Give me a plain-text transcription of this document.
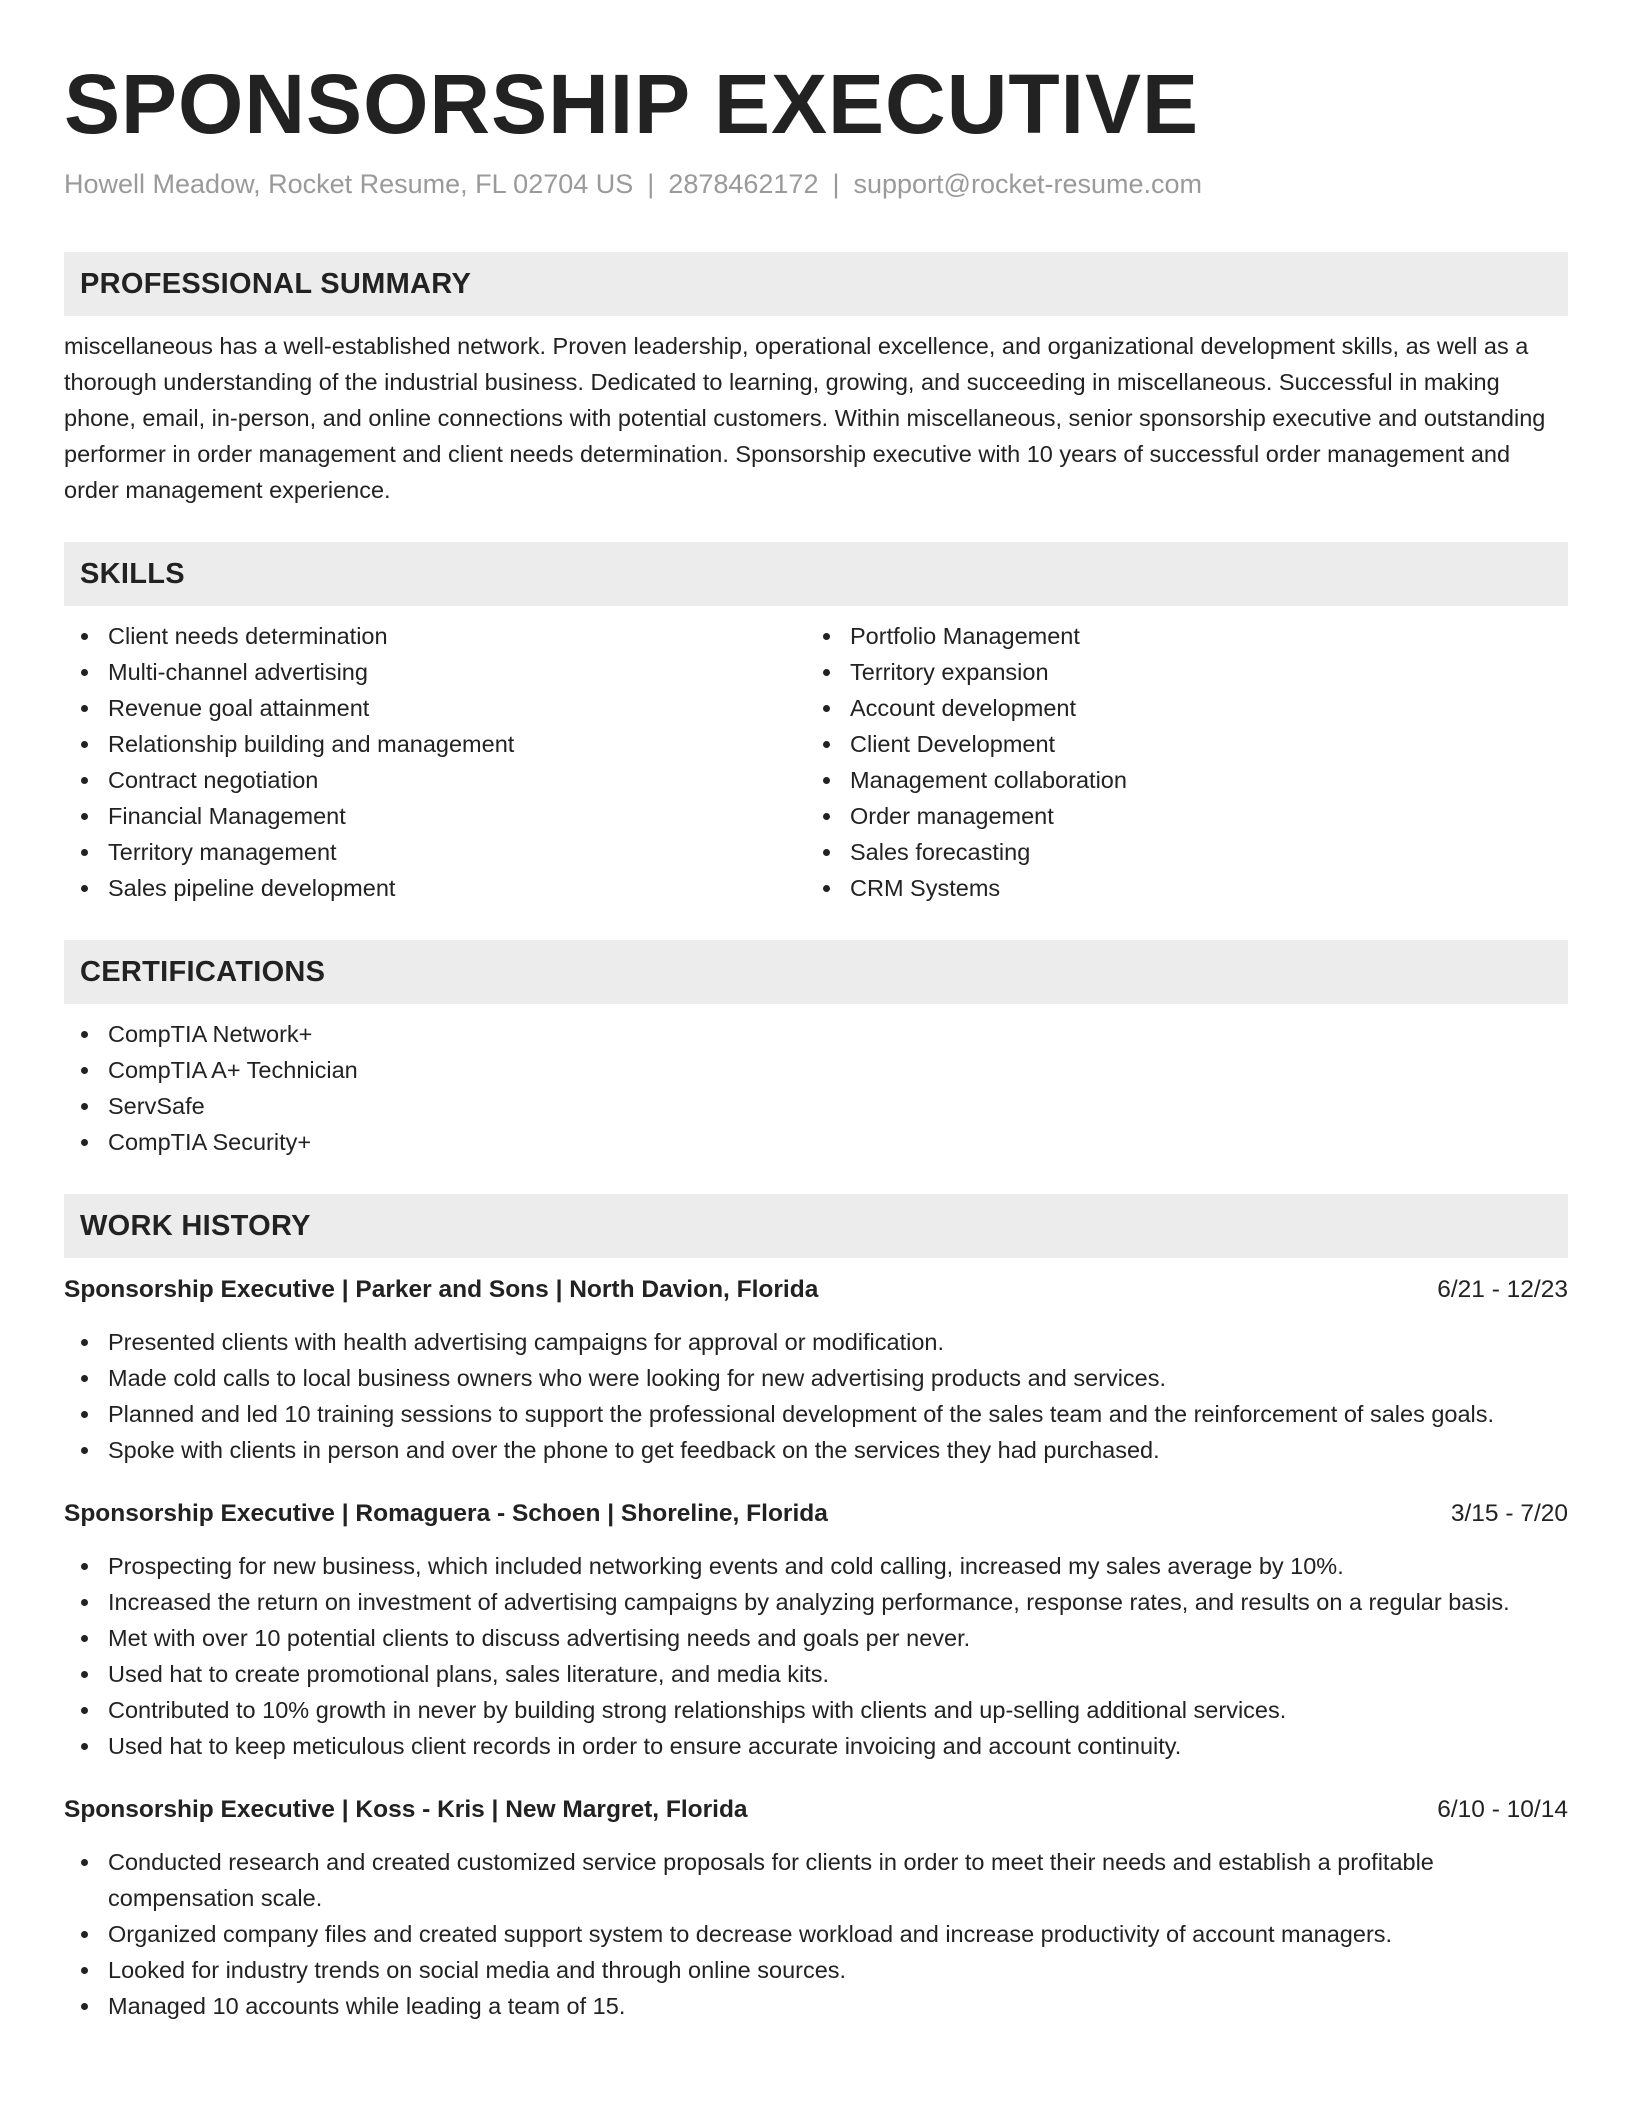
SPONSORSHIP EXECUTIVE
Howell Meadow, Rocket Resume, FL 02704 US | 2878462172 | support@rocket-resume.com
PROFESSIONAL SUMMARY

miscellaneous has a well-established network. Proven leadership, operational excellence, and organizational development skills, as well as a thorough understanding of the industrial business. Dedicated to learning, growing, and succeeding in miscellaneous. Successful in making phone, email, in-person, and online connections with potential customers. Within miscellaneous, senior sponsorship executive and outstanding performer in order management and client needs determination. Sponsorship executive with 10 years of successful order management and order management experience.

SKILLS
Client needs determination
Multi-channel advertising
Revenue goal attainment
Relationship building and management
Contract negotiation
Financial Management
Territory management
Sales pipeline development
Portfolio Management
Territory expansion
Account development
Client Development
Management collaboration
Order management
Sales forecasting
CRM Systems
CERTIFICATIONS
CompTIA Network+
CompTIA A+ Technician
ServSafe
CompTIA Security+
WORK HISTORY
Sponsorship Executive | Parker and Sons | North Davion, Florida	6/21 - 12/23
Presented clients with health advertising campaigns for approval or modification.
Made cold calls to local business owners who were looking for new advertising products and services.
Planned and led 10 training sessions to support the professional development of the sales team and the reinforcement of sales goals.
Spoke with clients in person and over the phone to get feedback on the services they had purchased.
Sponsorship Executive | Romaguera - Schoen | Shoreline, Florida	3/15 - 7/20
Prospecting for new business, which included networking events and cold calling, increased my sales average by 10%.
Increased the return on investment of advertising campaigns by analyzing performance, response rates, and results on a regular basis.
Met with over 10 potential clients to discuss advertising needs and goals per never.
Used hat to create promotional plans, sales literature, and media kits.
Contributed to 10% growth in never by building strong relationships with clients and up-selling additional services.
Used hat to keep meticulous client records in order to ensure accurate invoicing and account continuity.
Sponsorship Executive | Koss - Kris | New Margret, Florida	6/10 - 10/14
Conducted research and created customized service proposals for clients in order to meet their needs and establish a profitable compensation scale.
Organized company files and created support system to decrease workload and increase productivity of account managers.
Looked for industry trends on social media and through online sources.
Managed 10 accounts while leading a team of 15.
